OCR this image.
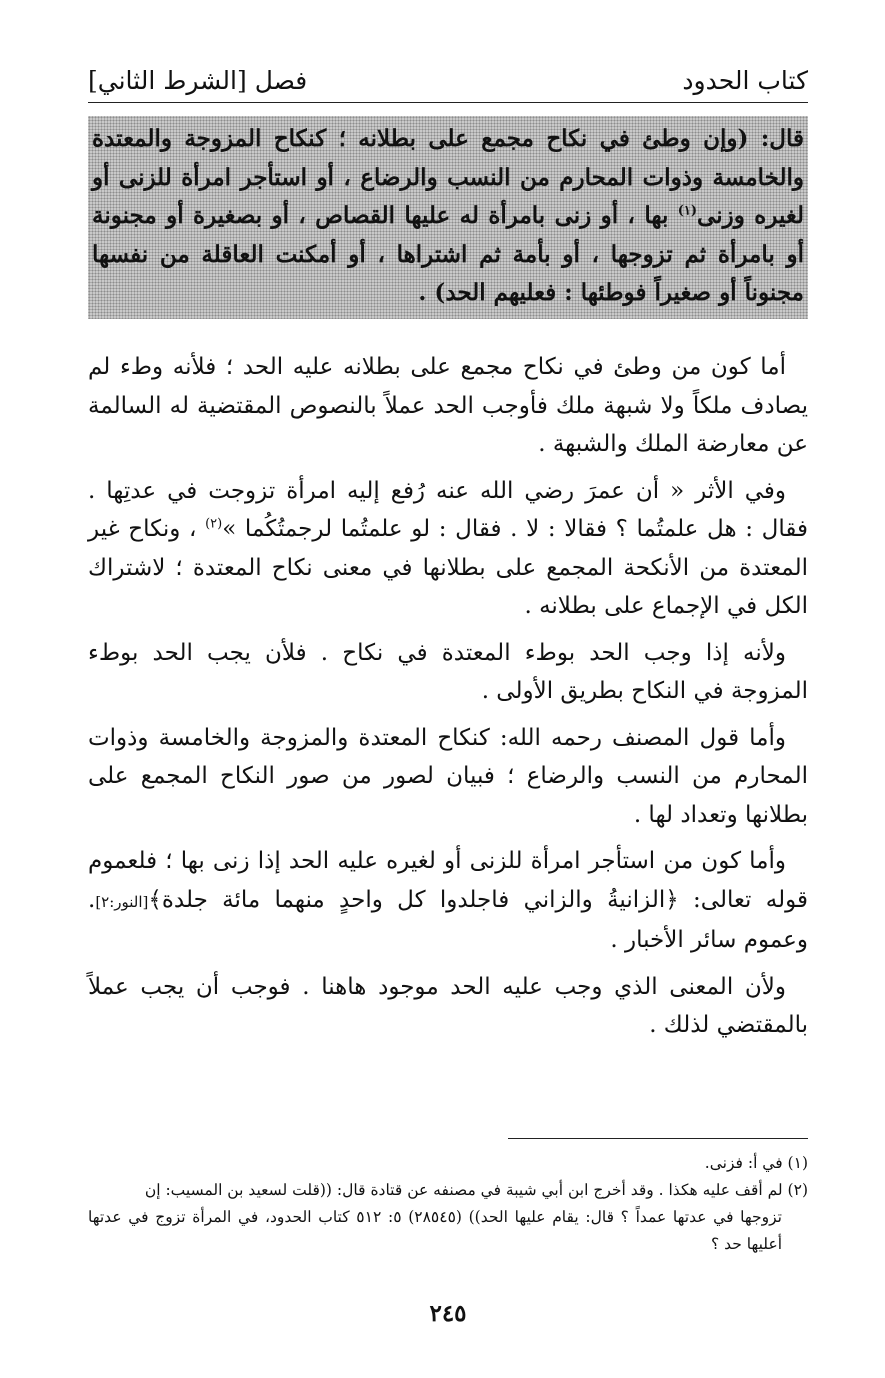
كتاب الحدود
فصل [الشرط الثاني]
قال: (وإن وطئ في نكاح مجمع على بطلانه ؛ كنكاح المزوجة والمعتدة والخامسة وذوات المحارم من النسب والرضاع ، أو استأجر امرأة للزنى أو لغيره وزنى$^{(١)}$ بها ، أو زنى بامرأة له عليها القصاص ، أو بصغيرة أو مجنونة أو بامرأة ثم تزوجها ، أو بأمة ثم اشتراها ، أو أمكنت العاقلة من نفسها مجنوناً أو صغيراً فوطئها : فعليهم الحد) .

أما كون من وطئ في نكاح مجمع على بطلانه عليه الحد ؛ فلأنه وطء لم يصادف ملكاً ولا شبهة ملك فأوجب الحد عملاً بالنصوص المقتضية له السالمة عن معارضة الملك والشبهة .

وفي الأثر « أن عمرَ رضي الله عنه رُفع إليه امرأة تزوجت في عدتِها . فقال : هل علمتُما ؟ فقالا : لا . فقال : لو علمتُما لرجمتُكُما »$^{(٢)}$ ، ونكاح غير المعتدة من الأنكحة المجمع على بطلانها في معنى نكاح المعتدة ؛ لاشتراك الكل في الإجماع على بطلانه .

ولأنه إذا وجب الحد بوطء المعتدة في نكاح . فلأن يجب الحد بوطء المزوجة في النكاح بطريق الأولى .

وأما قول المصنف رحمه الله: كنكاح المعتدة والمزوجة والخامسة وذوات المحارم من النسب والرضاع ؛ فبيان لصور من صور النكاح المجمع على بطلانها وتعداد لها .

وأما كون من استأجر امرأة للزنى أو لغيره عليه الحد إذا زنى بها ؛ فلعموم قوله تعالى: ﴿الزانيةُ والزاني فاجلدوا كل واحدٍ منهما مائة جلدة﴾[النور:٢]. وعموم سائر الأخبار .

ولأن المعنى الذي وجب عليه الحد موجود هاهنا . فوجب أن يجب عملاً بالمقتضي لذلك .

(١) في أ: فزنى.

(٢) لم أقف عليه هكذا . وقد أخرج ابن أبي شيبة في مصنفه عن قتادة قال: ((قلت لسعيد بن المسيب: إن

تزوجها في عدتها عمداً ؟ قال: يقام عليها الحد)) (٢٨٥٤٥) ٥: ٥١٢ كتاب الحدود، في المرأة تزوج في عدتها أعليها حد ؟

٢٤٥
